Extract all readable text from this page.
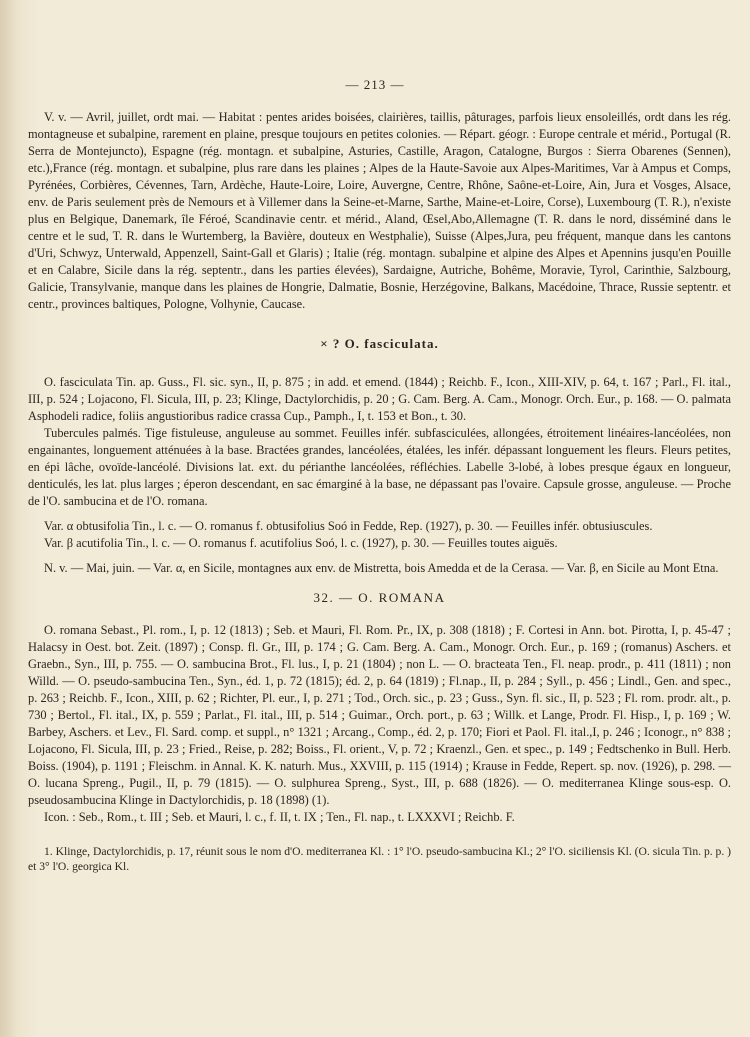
— 213 —

V. v. — Avril, juillet, ordt mai. — Habitat : pentes arides boisées, clairières, taillis, pâturages, parfois lieux ensoleillés, ordt dans les rég. montagneuse et subalpine, rarement en plaine, presque toujours en petites colonies. — Répart. géogr. : Europe centrale et mérid., Portugal (R. Serra de Montejuncto), Espagne (rég. montagn. et subalpine, Asturies, Castille, Aragon, Catalogne, Burgos : Sierra Obarenes (Sennen), etc.),France (rég. montagn. et subalpine, plus rare dans les plaines ; Alpes de la Haute-Savoie aux Alpes-Maritimes, Var à Ampus et Comps, Pyrénées, Corbières, Cévennes, Tarn, Ardèche, Haute-Loire, Loire, Auvergne, Centre, Rhône, Saône-et-Loire, Ain, Jura et Vosges, Alsace, env. de Paris seulement près de Nemours et à Villemer dans la Seine-et-Marne, Sarthe, Maine-et-Loire, Corse), Luxembourg (T. R.), n'existe plus en Belgique, Danemark, île Féroé, Scandinavie centr. et mérid., Aland, Œsel,Abo,Allemagne (T. R. dans le nord, disséminé dans le centre et le sud, T. R. dans le Wurtemberg, la Bavière, douteux en Westphalie), Suisse (Alpes,Jura, peu fréquent, manque dans les cantons d'Uri, Schwyz, Unterwald, Appenzell, Saint-Gall et Glaris) ; Italie (rég. montagn. subalpine et alpine des Alpes et Apennins jusqu'en Pouille et en Calabre, Sicile dans la rég. septentr., dans les parties élevées), Sardaigne, Autriche, Bohême, Moravie, Tyrol, Carinthie, Salzbourg, Galicie, Transylvanie, manque dans les plaines de Hongrie, Dalmatie, Bosnie, Herzégovine, Balkans, Macédoine, Thrace, Russie septentr. et centr., provinces baltiques, Pologne, Volhynie, Caucase.

× ? O. fasciculata.

O. fasciculata Tin. ap. Guss., Fl. sic. syn., II, p. 875 ; in add. et emend. (1844) ; Reichb. F., Icon., XIII-XIV, p. 64, t. 167 ; Parl., Fl. ital., III, p. 524 ; Lojacono, Fl. Sicula, III, p. 23; Klinge, Dactylorchidis, p. 20 ; G. Cam. Berg. A. Cam., Monogr. Orch. Eur., p. 168. — O. palmata Asphodeli radice, foliis angustioribus radice crassa Cup., Pamph., I, t. 153 et Bon., t. 30.

Tubercules palmés. Tige fistuleuse, anguleuse au sommet. Feuilles infér. subfasciculées, allongées, étroitement linéaires-lancéolées, non engainantes, longuement atténuées à la base. Bractées grandes, lancéolées, étalées, les infér. dépassant longuement les fleurs. Fleurs petites, en épi lâche, ovoïde-lancéolé. Divisions lat. ext. du périanthe lancéolées, réfléchies. Labelle 3-lobé, à lobes presque égaux en longueur, denticulés, les lat. plus larges ; éperon descendant, en sac émarginé à la base, ne dépassant pas l'ovaire. Capsule grosse, anguleuse. — Proche de l'O. sambucina et de l'O. romana.

Var. α obtusifolia Tin., l. c. — O. romanus f. obtusifolius Soó in Fedde, Rep. (1927), p. 30. — Feuilles infér. obtusiuscules.

Var. β acutifolia Tin., l. c. — O. romanus f. acutifolius Soó, l. c. (1927), p. 30. — Feuilles toutes aiguës.

N. v. — Mai, juin. — Var. α, en Sicile, montagnes aux env. de Mistretta, bois Amedda et de la Cerasa. — Var. β, en Sicile au Mont Etna.

32. — O. ROMANA

O. romana Sebast., Pl. rom., I, p. 12 (1813) ; Seb. et Mauri, Fl. Rom. Pr., IX, p. 308 (1818) ; F. Cortesi in Ann. bot. Pirotta, I, p. 45-47 ; Halacsy in Oest. bot. Zeit. (1897) ; Consp. fl. Gr., III, p. 174 ; G. Cam. Berg. A. Cam., Monogr. Orch. Eur., p. 169 ; (romanus) Aschers. et Graebn., Syn., III, p. 755. — O. sambucina Brot., Fl. lus., I, p. 21 (1804) ; non L. — O. bracteata Ten., Fl. neap. prodr., p. 411 (1811) ; non Willd. — O. pseudo-sambucina Ten., Syn., éd. 1, p. 72 (1815); éd. 2, p. 64 (1819) ; Fl.nap., II, p. 284 ; Syll., p. 456 ; Lindl., Gen. and spec., p. 263 ; Reichb. F., Icon., XIII, p. 62 ; Richter, Pl. eur., I, p. 271 ; Tod., Orch. sic., p. 23 ; Guss., Syn. fl. sic., II, p. 523 ; Fl. rom. prodr. alt., p. 730 ; Bertol., Fl. ital., IX, p. 559 ; Parlat., Fl. ital., III, p. 514 ; Guimar., Orch. port., p. 63 ; Willk. et Lange, Prodr. Fl. Hisp., I, p. 169 ; W. Barbey, Aschers. et Lev., Fl. Sard. comp. et suppl., n° 1321 ; Arcang., Comp., éd. 2, p. 170; Fiori et Paol. Fl. ital.,I, p. 246 ; Iconogr., n° 838 ; Lojacono, Fl. Sicula, III, p. 23 ; Fried., Reise, p. 282; Boiss., Fl. orient., V, p. 72 ; Kraenzl., Gen. et spec., p. 149 ; Fedtschenko in Bull. Herb. Boiss. (1904), p. 1191 ; Fleischm. in Annal. K. K. naturh. Mus., XXVIII, p. 115 (1914) ; Krause in Fedde, Repert. sp. nov. (1926), p. 298. — O. lucana Spreng., Pugil., II, p. 79 (1815). — O. sulphurea Spreng., Syst., III, p. 688 (1826). — O. mediterranea Klinge sous-esp. O. pseudosambucina Klinge in Dactylorchidis, p. 18 (1898) (1).

Icon. : Seb., Rom., t. III ; Seb. et Mauri, l. c., f. II, t. IX ; Ten., Fl. nap., t. LXXXVI ; Reichb. F.

1. Klinge, Dactylorchidis, p. 17, réunit sous le nom d'O. mediterranea Kl. : 1° l'O. pseudo-sambucina Kl.; 2° l'O. siciliensis Kl. (O. sicula Tin. p. p. ) et 3° l'O. georgica Kl.
